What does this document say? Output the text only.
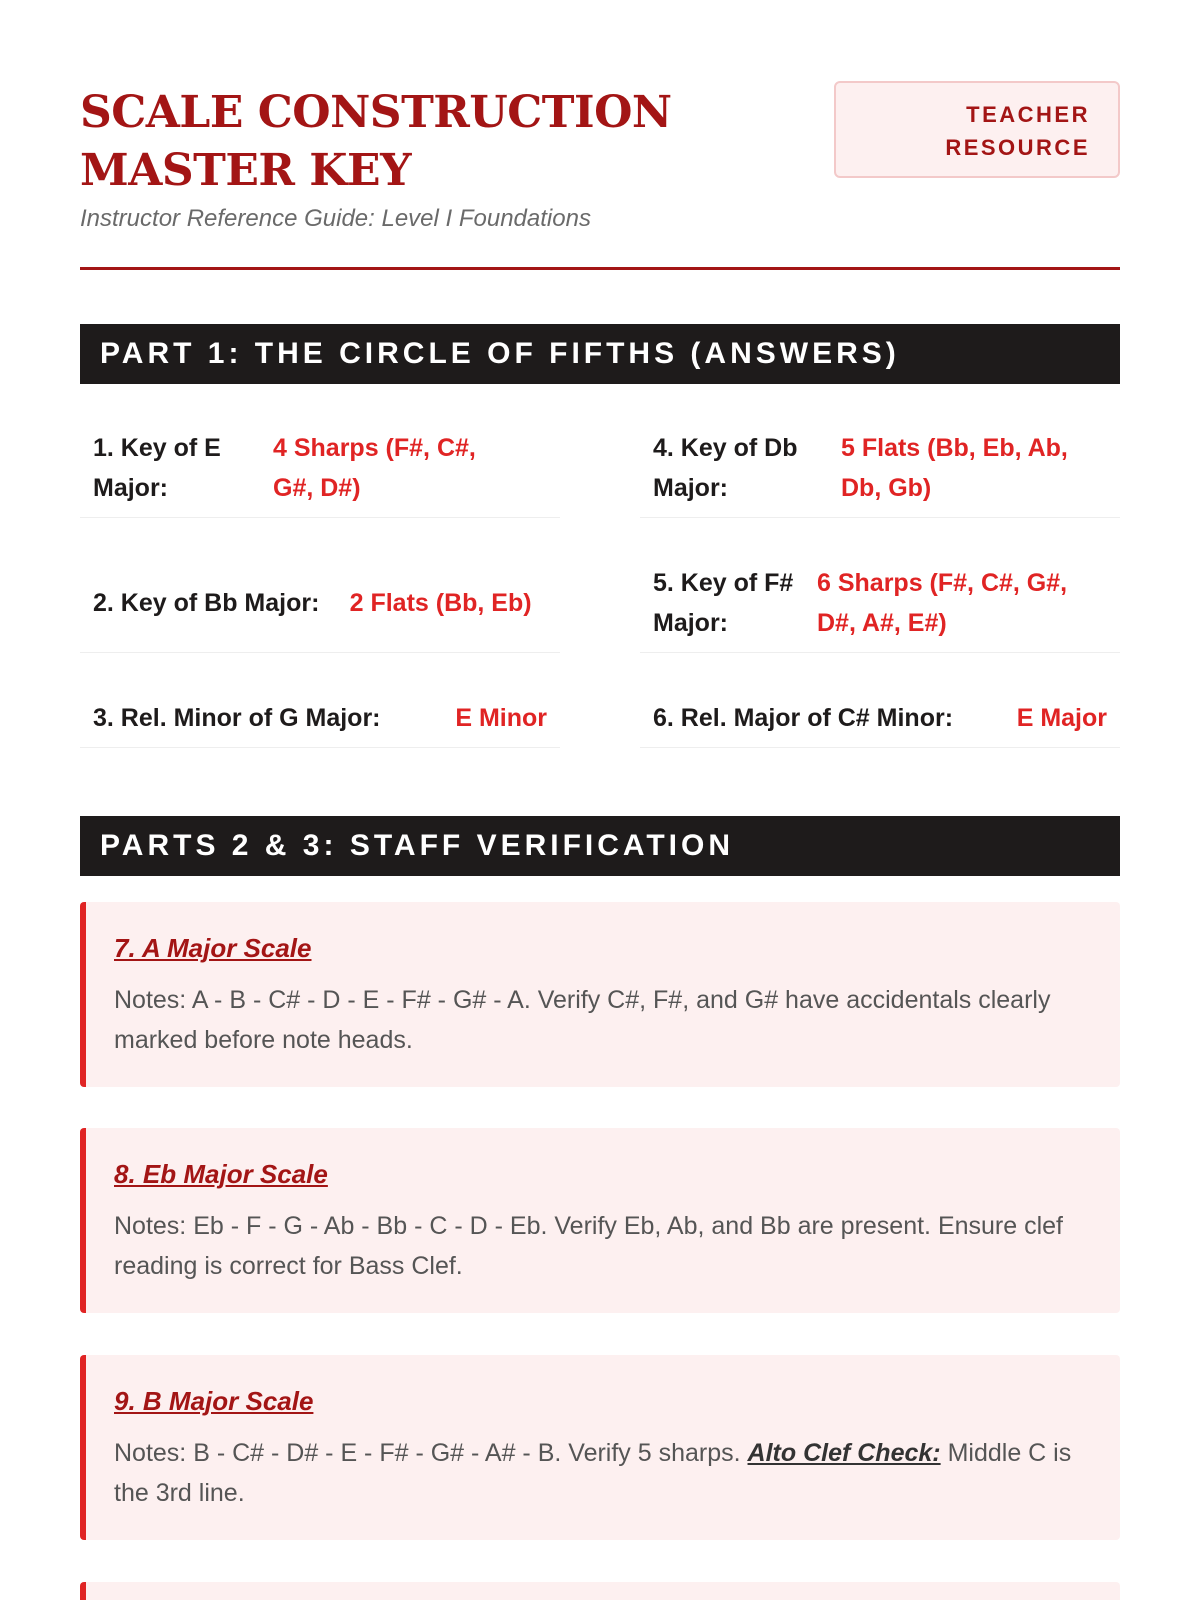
SCALE CONSTRUCTION MASTER KEY
Instructor Reference Guide: Level I Foundations
TEACHER RESOURCE
PART 1: THE CIRCLE OF FIFTHS (ANSWERS)
1. Key of E Major:
4 Sharps (F#, C#, G#, D#)
2. Key of Bb Major:	2 Flats (Bb, Eb)
3. Rel. Minor of G Major:	E Minor
4. Key of Db Major:
5 Flats (Bb, Eb, Ab, Db, Gb)
5. Key of F# Major:
6 Sharps (F#, C#, G#, D#, A#, E#)
6. Rel. Major of C# Minor:	E Major
PARTS 2 & 3: STAFF VERIFICATION
7. A Major Scale
Notes: A - B - C# - D - E - F# - G# - A. Verify C#, F#, and G# have accidentals clearly marked before note heads.
8. Eb Major Scale
Notes: Eb - F - G - Ab - Bb - C - D - Eb. Verify Eb, Ab, and Bb are present. Ensure clef reading is correct for Bass Clef.
9. B Major Scale
Notes: B - C# - D# - E - F# - G# - A# - B. Verify 5 sharps. Alto Clef Check: Middle C is the 3rd line.
